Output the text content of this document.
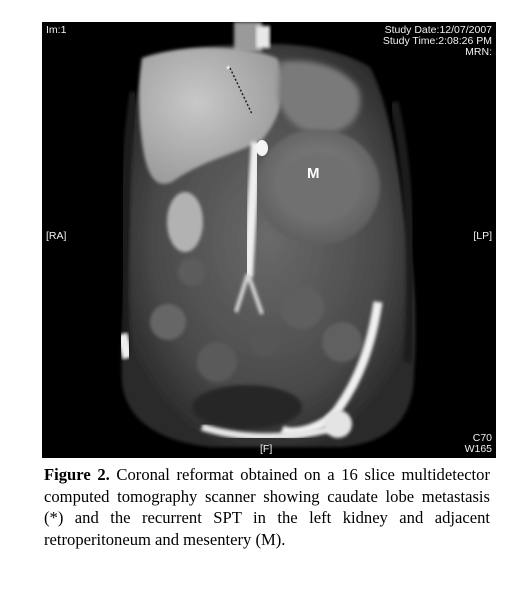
Im:1	Study Date:12/07/2007
Study Time:2:08:26 PM
MRN:
[RA]	[LP]
[F]
C70
W165
M
*

Figure 2. Coronal reformat obtained on a 16 slice multidetector computed tomography scanner showing caudate lobe metastasis (*) and the recurrent SPT in the left kidney and adjacent retroperitoneum and mesentery (M).
